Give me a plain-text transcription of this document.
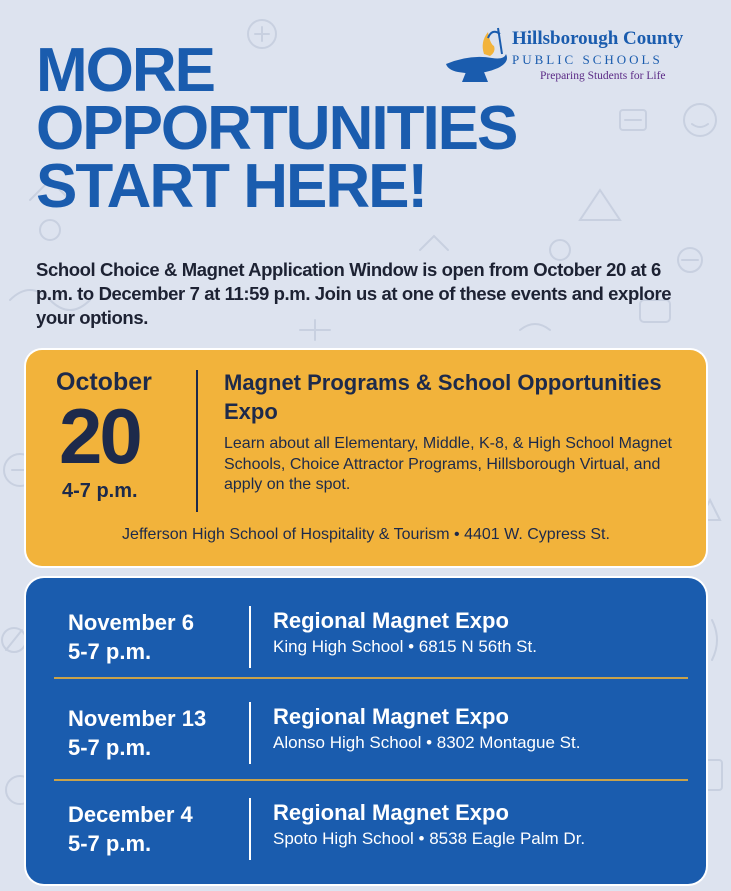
Hillsborough County
PUBLIC SCHOOLS
Preparing Students for Life
MORE
OPPORTUNITIES
START HERE!

School Choice & Magnet Application Window is open from October 20 at 6 p.m. to December 7 at 11:59 p.m. Join us at one of these events and explore your options.

October
20
4-7 p.m.
Magnet Programs & School Opportunities Expo
Learn about all Elementary, Middle, K-8, & High School Magnet Schools, Choice Attractor Programs, Hillsborough Virtual, and apply on the spot.
Jefferson High School of Hospitality & Tourism • 4401 W. Cypress St.
November 6
5-7 p.m.
Regional Magnet Expo
King High School • 6815 N 56th St.
November 13
5-7 p.m.
Regional Magnet Expo
Alonso High School • 8302 Montague St.
December 4
5-7 p.m.
Regional Magnet Expo
Spoto High School • 8538 Eagle Palm Dr.
